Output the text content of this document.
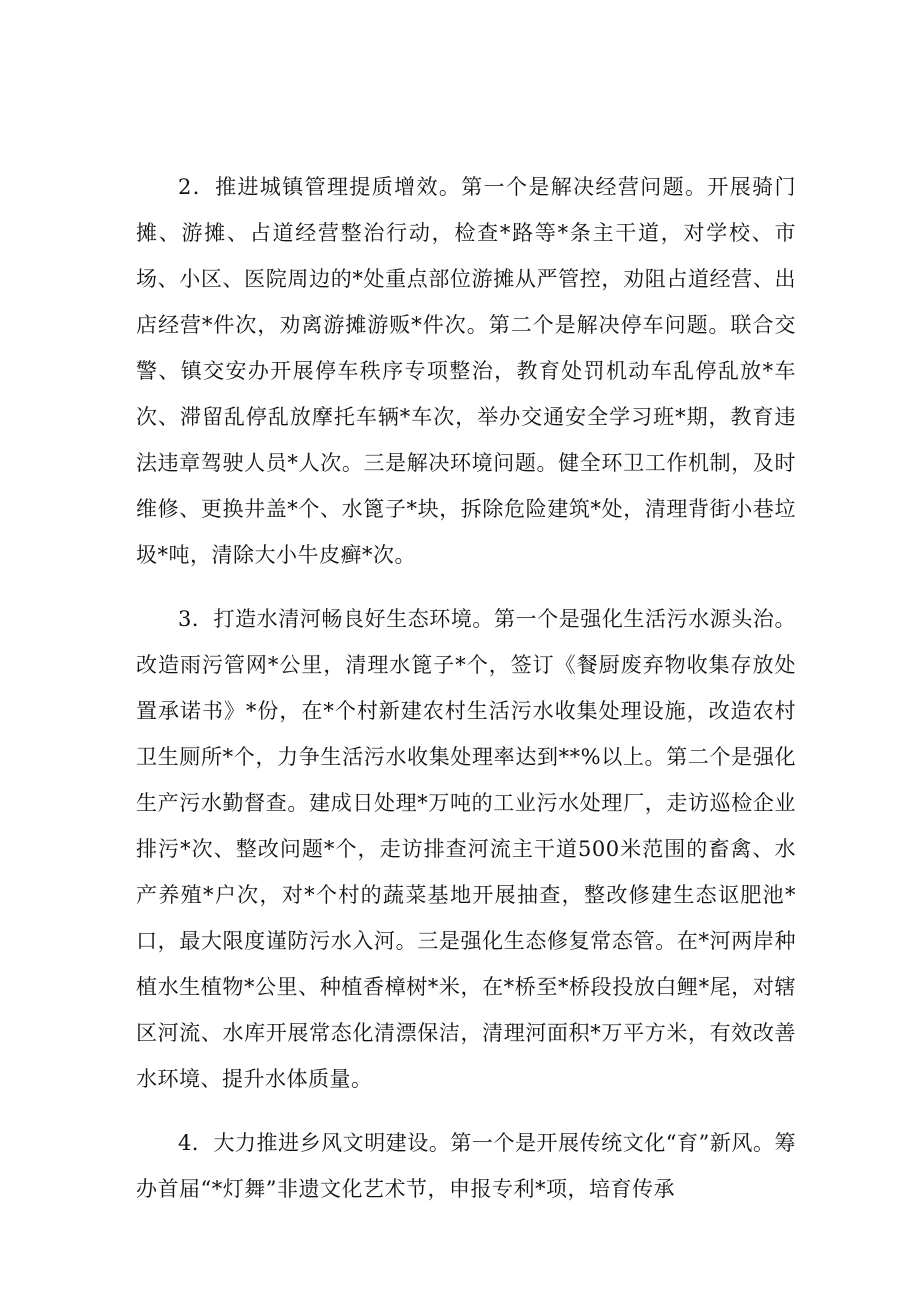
2．推进城镇管理提质增效。第一个是解决经营问题。开展骑门摊、游摊、占道经营整治行动，检查*路等*条主干道，对学校、市场、小区、医院周边的*处重点部位游摊从严管控，劝阻占道经营、出店经营*件次，劝离游摊游贩*件次。第二个是解决停车问题。联合交警、镇交安办开展停车秩序专项整治，教育处罚机动车乱停乱放*车次、滞留乱停乱放摩托车辆*车次，举办交通安全学习班*期，教育违法违章驾驶人员*人次。三是解决环境问题。健全环卫工作机制，及时维修、更换井盖*个、水篦子*块，拆除危险建筑*处，清理背街小巷垃圾*吨，清除大小牛皮癣*次。

3．打造水清河畅良好生态环境。第一个是强化生活污水源头治。改造雨污管网*公里，清理水篦子*个，签订《餐厨废弃物收集存放处置承诺书》*份，在*个村新建农村生活污水收集处理设施，改造农村卫生厕所*个，力争生活污水收集处理率达到**%以上。第二个是强化生产污水勤督查。建成日处理*万吨的工业污水处理厂，走访巡检企业排污*次、整改问题*个，走访排查河流主干道500米范围的畜禽、水产养殖*户次，对*个村的蔬菜基地开展抽查，整改修建生态讴肥池*口，最大限度谨防污水入河。三是强化生态修复常态管。在*河两岸种植水生植物*公里、种植香樟树*米，在*桥至*桥段投放白鲤*尾，对辖区河流、水库开展常态化清漂保洁，清理河面积*万平方米，有效改善水环境、提升水体质量。

4．大力推进乡风文明建设。第一个是开展传统文化“育”新风。筹办首届“*灯舞”非遗文化艺术节，申报专利*项，培育传承
